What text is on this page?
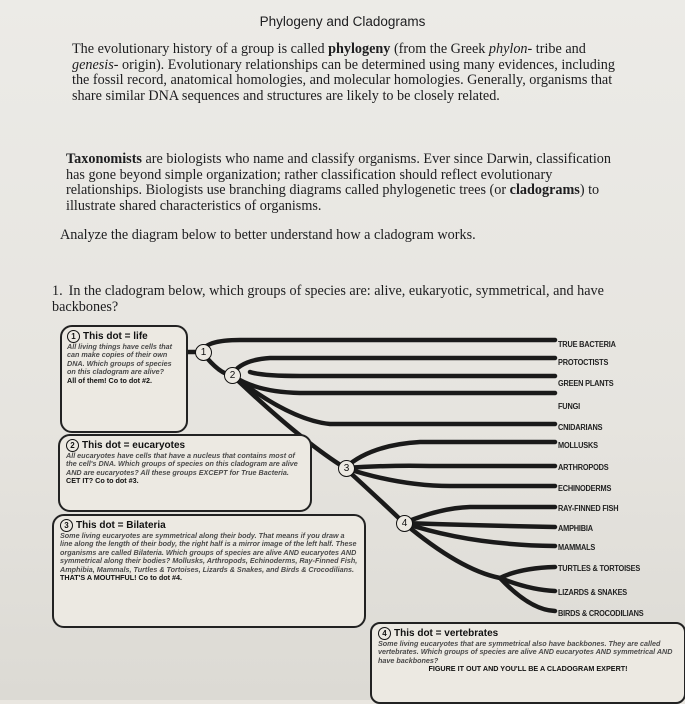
Phylogeny and Cladograms

The evolutionary history of a group is called phylogeny (from the Greek phylon- tribe and genesis- origin). Evolutionary relationships can be determined using many evidences, including the fossil record, anatomical homologies, and molecular homologies. Generally, organisms that share similar DNA sequences and structures are likely to be closely related.

Taxonomists are biologists who name and classify organisms. Ever since Darwin, classification has gone beyond simple organization; rather classification should reflect evolutionary relationships. Biologists use branching diagrams called phylogenetic trees (or cladograms) to illustrate shared characteristics of organisms.

Analyze the diagram below to better understand how a cladogram works.

1. In the cladogram below, which groups of species are: alive, eukaryotic, symmetrical, and have backbones?

1
2
3
4
TRUE BACTERIA
PROTOCTISTS
GREEN PLANTS
FUNGI
CNIDARIANS
MOLLUSKS
ARTHROPODS
ECHINODERMS
RAY-FINNED FISH
AMPHIBIA
MAMMALS
TURTLES & TORTOISES
LIZARDS & SNAKES
BIRDS & CROCODILIANS
1 This dot = life
All living things have cells that can make copies of their own DNA. Which groups of species on this cladogram are alive?
All of them! Co to dot #2.
2 This dot = eucaryotes
All eucaryotes have cells that have a nucleus that contains most of the cell's DNA. Which groups of species on this cladogram are alive AND are eucaryotes? All these groups EXCEPT for True Bacteria.
CET IT? Co to dot #3.
3 This dot = Bilateria
Some living eucaryotes are symmetrical along their body. That means if you draw a line along the length of their body, the right half is a mirror image of the left half. These organisms are called Bilateria. Which groups of species are alive AND eucaryotes AND symmetrical along their bodies? Mollusks, Arthropods, Echinoderms, Ray-Finned Fish, Amphibia, Mammals, Turtles & Tortoises, Lizards & Snakes, and Birds & Crocodilians.
THAT'S A MOUTHFUL! Co to dot #4.
4 This dot = vertebrates
Some living eucaryotes that are symmetrical also have backbones. They are called vertebrates. Which groups of species are alive AND eucaryotes AND symmetrical AND have backbones?
FIGURE IT OUT AND YOU'LL BE A CLADOGRAM EXPERT!
